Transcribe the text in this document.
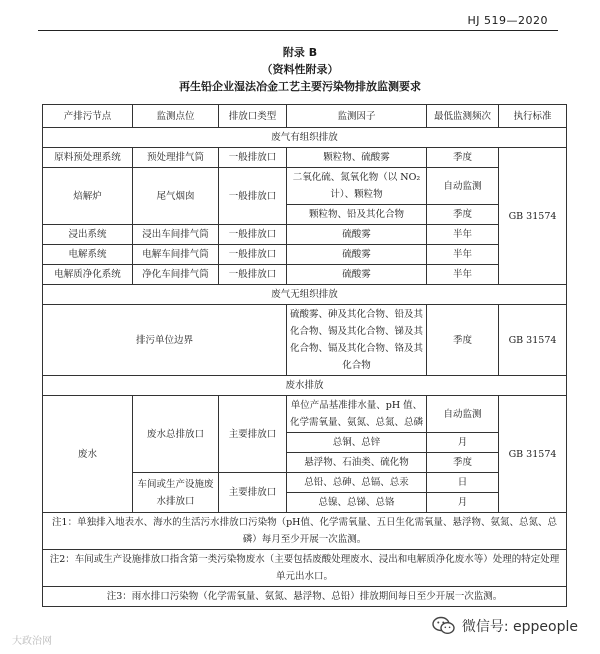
HJ 519—2020
附录 B
（资料性附录）
再生铅企业湿法冶金工艺主要污染物排放监测要求
产排污节点	监测点位	排放口类型	监测因子	最低监测频次	执行标准
废气有组织排放					
原料预处理系统	预处理排气筒	一般排放口	颗粒物、硫酸雾	季度	GB 31574
焙解炉	尾气烟囱	一般排放口	二氧化硫、氮氧化物（以 NO₂ 计）、颗粒物	自动监测	
			颗粒物、铅及其化合物	季度	
浸出系统	浸出车间排气筒	一般排放口	硫酸雾	半年	
电解系统	电解车间排气筒	一般排放口	硫酸雾	半年	
电解质净化系统	净化车间排气筒	一般排放口	硫酸雾	半年	
废气无组织排放					
排污单位边界			硫酸雾、砷及其化合物、铅及其化合物、锡及其化合物、锑及其化合物、镉及其化合物、铬及其化合物	季度	GB 31574
废水排放					
废水	废水总排放口	主要排放口	单位产品基准排水量、pH 值、化学需氧量、氨氮、总氮、总磷	自动监测	GB 31574
			总铜、总锌	月	
			悬浮物、石油类、硫化物	季度	
	车间或生产设施废水排放口	主要排放口	总铅、总砷、总镉、总汞	日	
			总镍、总锑、总铬	月	
注1：单独排入地表水、海水的生活污水排放口污染物（pH值、化学需氧量、五日生化需氧量、悬浮物、氨氮、总氮、总磷）每月至少开展一次监测。					
注2：车间或生产设施排放口指含第一类污染物废水（主要包括废酸处理废水、浸出和电解质净化废水等）处理的特定处理单元出水口。					
注3：雨水排口污染物（化学需氧量、氨氮、悬浮物、总铅）排放期间每日至少开展一次监测。					
大政治网
微信号: eppeople
